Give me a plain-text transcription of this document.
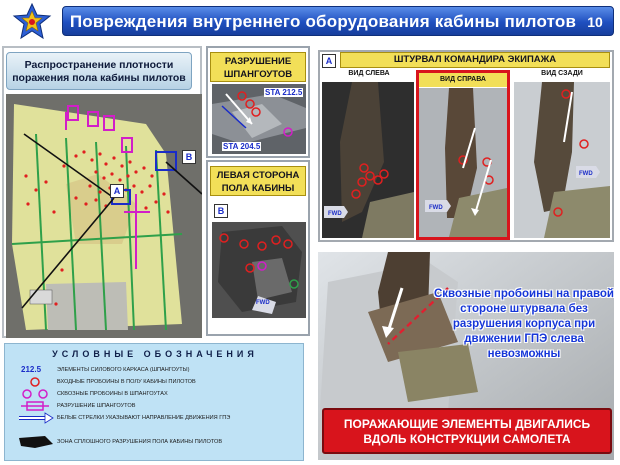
Повреждения внутреннего оборудования кабины пилотов 10
Распространение плотности
поражения пола кабины пилотов
А
В
РАЗРУШЕНИЕ
ШПАНГОУТОВ
STA 212.5
STA 204.5
ЛЕВАЯ СТОРОНА
ПОЛА КАБИНЫ
В
FWD
А	ШТУРВАЛ КОМАНДИРА ЭКИПАЖА
ВИД СЛЕВА
FWD
ВИД СПРАВА
FWD
ВИД СЗАДИ
FWD
Сквозные пробоины на правой стороне штурвала без разрушения корпуса при движении ГПЭ слева невозможны
УСЛОВНЫЕ ОБОЗНАЧЕНИЯ
212.5	ЭЛЕМЕНТЫ СИЛОВОГО КАРКАСА (ШПАНГОУТЫ)
ВХОДНЫЕ ПРОБОИНЫ В ПОЛУ КАБИНЫ ПИЛОТОВ
СКВОЗНЫЕ ПРОБОИНЫ В ШПАНГОУТАХ
РАЗРУШЕНИЕ ШПАНГОУТОВ
БЕЛЫЕ СТРЕЛКИ УКАЗЫВАЮТ НАПРАВЛЕНИЕ ДВИЖЕНИЯ ГПЭ
ЗОНА СПЛОШНОГО РАЗРУШЕНИЯ ПОЛА КАБИНЫ ПИЛОТОВ
ПОРАЖАЮЩИЕ ЭЛЕМЕНТЫ ДВИГАЛИСЬ
ВДОЛЬ КОНСТРУКЦИИ САМОЛЕТА
